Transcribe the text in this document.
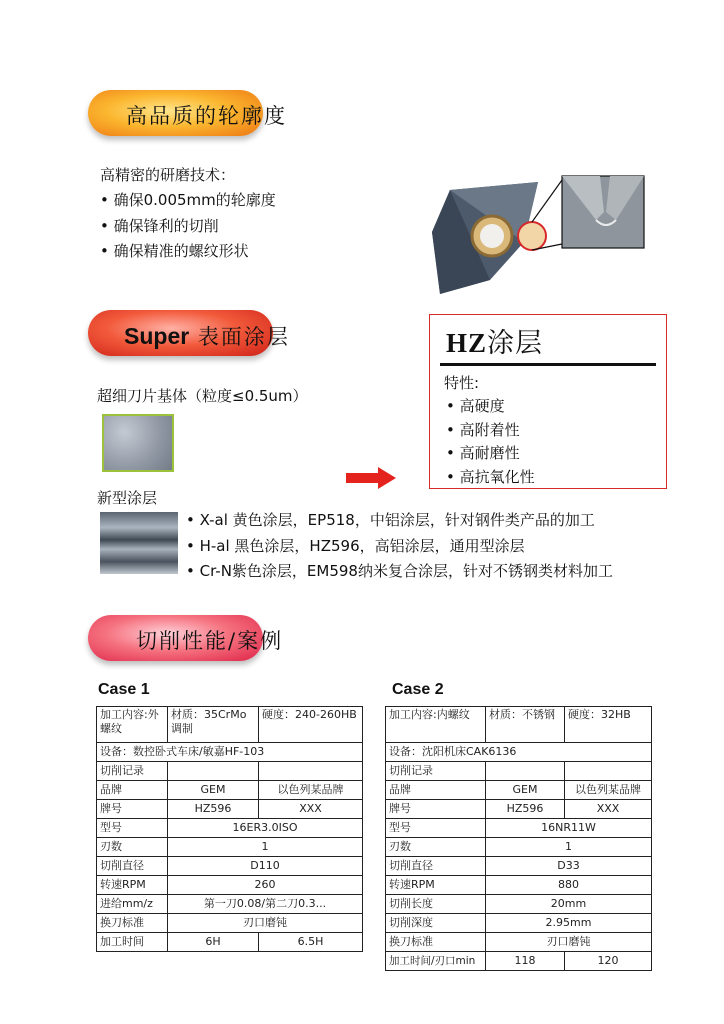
高品质的轮廓度
高精密的研磨技术：
• 确保0.005mm的轮廓度
• 确保锋利的切削
• 确保精准的螺纹形状
Super 表面涂层
超细刀片基体（粒度≤0.5um）
新型涂层
• X-al 黄色涂层，EP518，中铝涂层，针对钢件类产品的加工
• H-al 黑色涂层，HZ596，高铝涂层，通用型涂层
• Cr-N紫色涂层，EM598纳米复合涂层，针对不锈钢类材料加工
HZ涂层
特性:
• 高硬度
• 高附着性
• 高耐磨性
• 高抗氧化性
切削性能/案例
Case 1
加工内容:外螺纹	材质：35CrMo调制	硬度：240-260HB
设备：数控卧式车床/敏嘉HF-103		
切削记录		
品牌	GEM	以色列某品牌
牌号	HZ596	XXX
型号	16ER3.0ISO	
刃数	1	
切削直径	D110	
转速RPM	260	
进给mm/z	第一刀0.08/第二刀0.3...	
换刀标准	刃口磨钝	
加工时间	6H	6.5H
Case 2
加工内容:内螺纹	材质：不锈钢	硬度：32HB
设备：沈阳机床CAK6136		
切削记录		
品牌	GEM	以色列某品牌
牌号	HZ596	XXX
型号	16NR11W	
刃数	1	
切削直径	D33	
转速RPM	880	
切削长度	20mm	
切削深度	2.95mm	
换刀标准	刃口磨钝	
加工时间/刃口min	118	120
